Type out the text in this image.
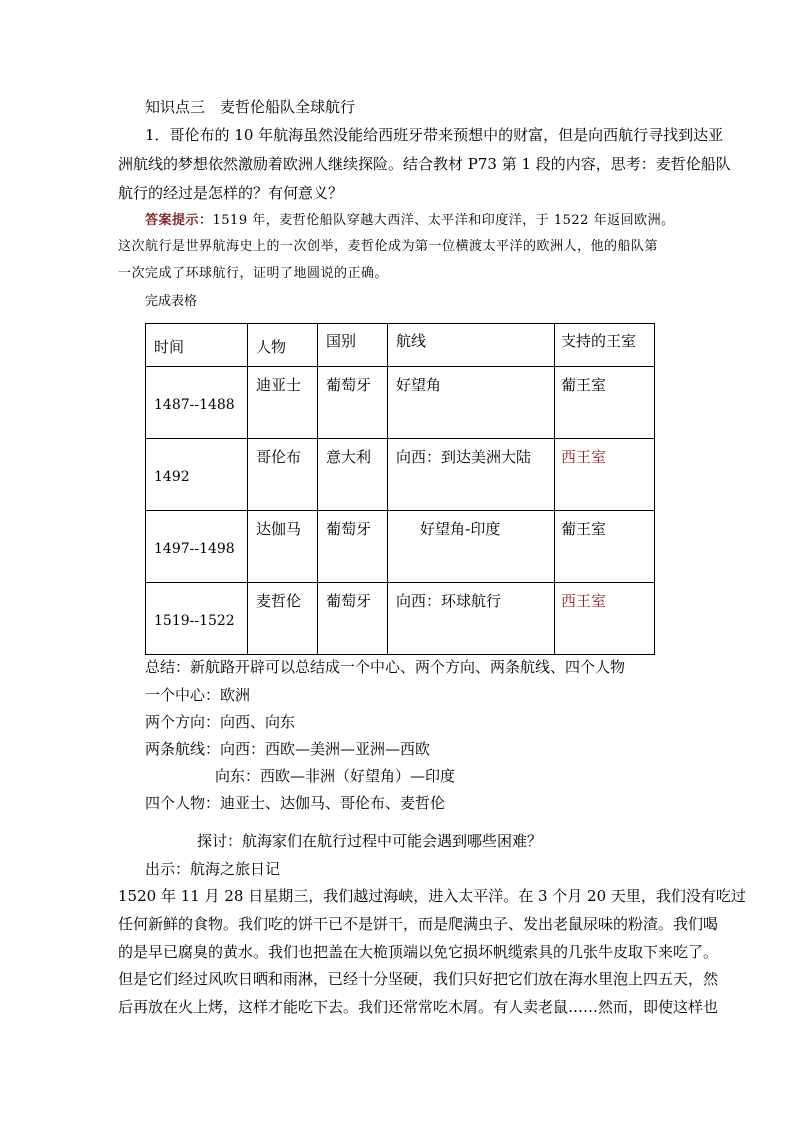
知识点三　麦哲伦船队全球航行
1．哥伦布的 10 年航海虽然没能给西班牙带来预想中的财富，但是向西航行寻找到达亚
洲航线的梦想依然激励着欧洲人继续探险。结合教材 P73 第 1 段的内容，思考：麦哲伦船队
航行的经过是怎样的？有何意义？
答案提示：1519 年，麦哲伦船队穿越大西洋、太平洋和印度洋，于 1522 年返回欧洲。
这次航行是世界航海史上的一次创举，麦哲伦成为第一位横渡太平洋的欧洲人，他的船队第
一次完成了环球航行，证明了地圆说的正确。
完成表格
时间	人物	国别	航线	支持的王室

1487--1488	迪亚士	葡萄牙	好望角	葡王室

1492	哥伦布	意大利	向西：到达美洲大陆	西王室

1497--1498	达伽马	葡萄牙	好望角-印度	葡王室

1519--1522	麦哲伦	葡萄牙	向西：环球航行	西王室
总结：新航路开辟可以总结成一个中心、两个方向、两条航线、四个人物
一个中心：欧洲
两个方向：向西、向东
两条航线：向西：西欧—美洲—亚洲—西欧
向东：西欧—非洲（好望角）—印度
四个人物：迪亚士、达伽马、哥伦布、麦哲伦
探讨：航海家们在航行过程中可能会遇到哪些困难？
出示：航海之旅日记
1520 年 11 月 28 日星期三，我们越过海峡，进入太平洋。在 3 个月 20 天里，我们没有吃过
任何新鲜的食物。我们吃的饼干已不是饼干，而是爬满虫子、发出老鼠尿味的粉渣。我们喝
的是早已腐臭的黄水。我们也把盖在大桅顶端以免它损坏帆缆索具的几张牛皮取下来吃了。
但是它们经过风吹日晒和雨淋，已经十分坚硬，我们只好把它们放在海水里泡上四五天，然
后再放在火上烤，这样才能吃下去。我们还常常吃木屑。有人卖老鼠……然而，即使这样也
